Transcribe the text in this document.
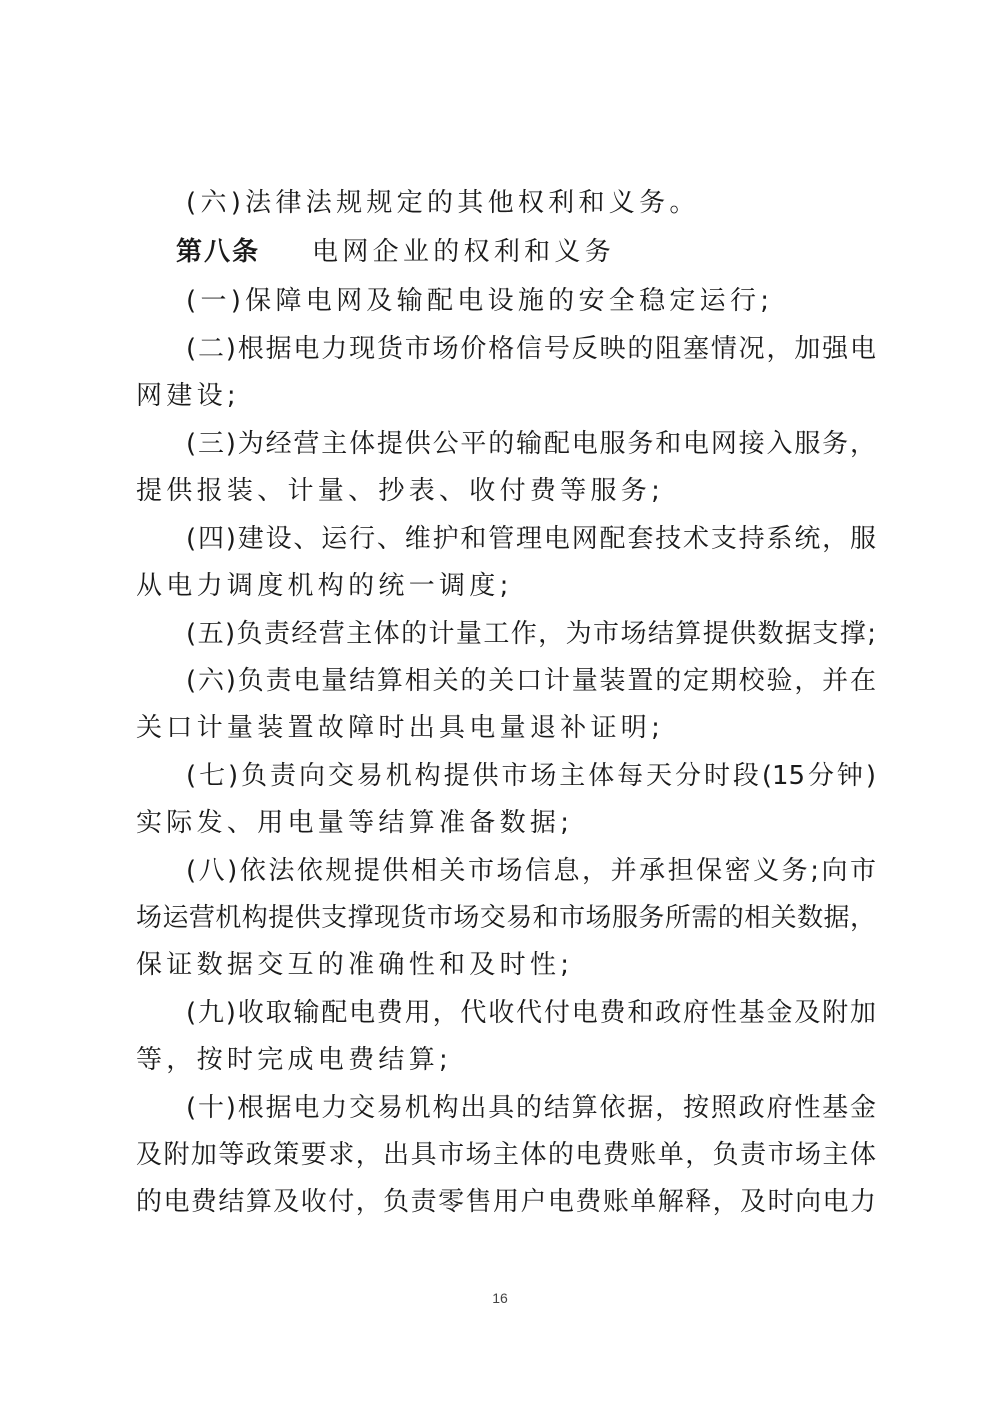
(六)法律法规规定的其他权利和义务。
第八条 电网企业的权利和义务
(一)保障电网及输配电设施的安全稳定运行;
(二)根据电力现货市场价格信号反映的阻塞情况，加强电
网建设;
(三)为经营主体提供公平的输配电服务和电网接入服务，
提供报装、计量、抄表、收付费等服务;
(四)建设、运行、维护和管理电网配套技术支持系统，服
从电力调度机构的统一调度;
(五)负责经营主体的计量工作，为市场结算提供数据支撑;
(六)负责电量结算相关的关口计量装置的定期校验，并在
关口计量装置故障时出具电量退补证明;
(七)负责向交易机构提供市场主体每天分时段(15分钟)
实际发、用电量等结算准备数据;
(八)依法依规提供相关市场信息，并承担保密义务;向市
场运营机构提供支撑现货市场交易和市场服务所需的相关数据，
保证数据交互的准确性和及时性;
(九)收取输配电费用，代收代付电费和政府性基金及附加
等，按时完成电费结算;
(十)根据电力交易机构出具的结算依据，按照政府性基金
及附加等政策要求，出具市场主体的电费账单，负责市场主体
的电费结算及收付，负责零售用户电费账单解释，及时向电力
16
